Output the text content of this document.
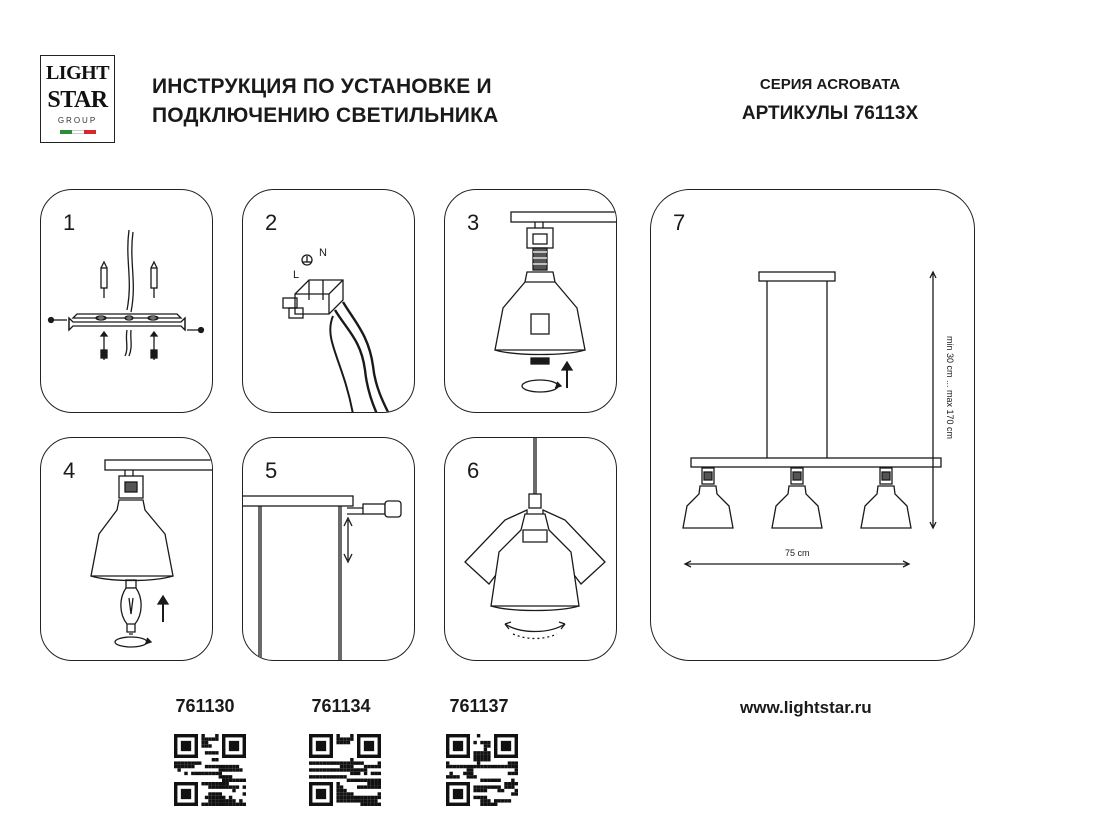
LIGHT
STAR
GROUP
ИНСТРУКЦИЯ ПО УСТАНОВКЕ И
ПОДКЛЮЧЕНИЮ СВЕТИЛЬНИКА
СЕРИЯ ACROBATA
АРТИКУЛЫ 76113X
1	2
L
N
3
4	5	6
7
min 30 cm ... max 170 cm
75 cm
761130	761134	761137	www.lightstar.ru
